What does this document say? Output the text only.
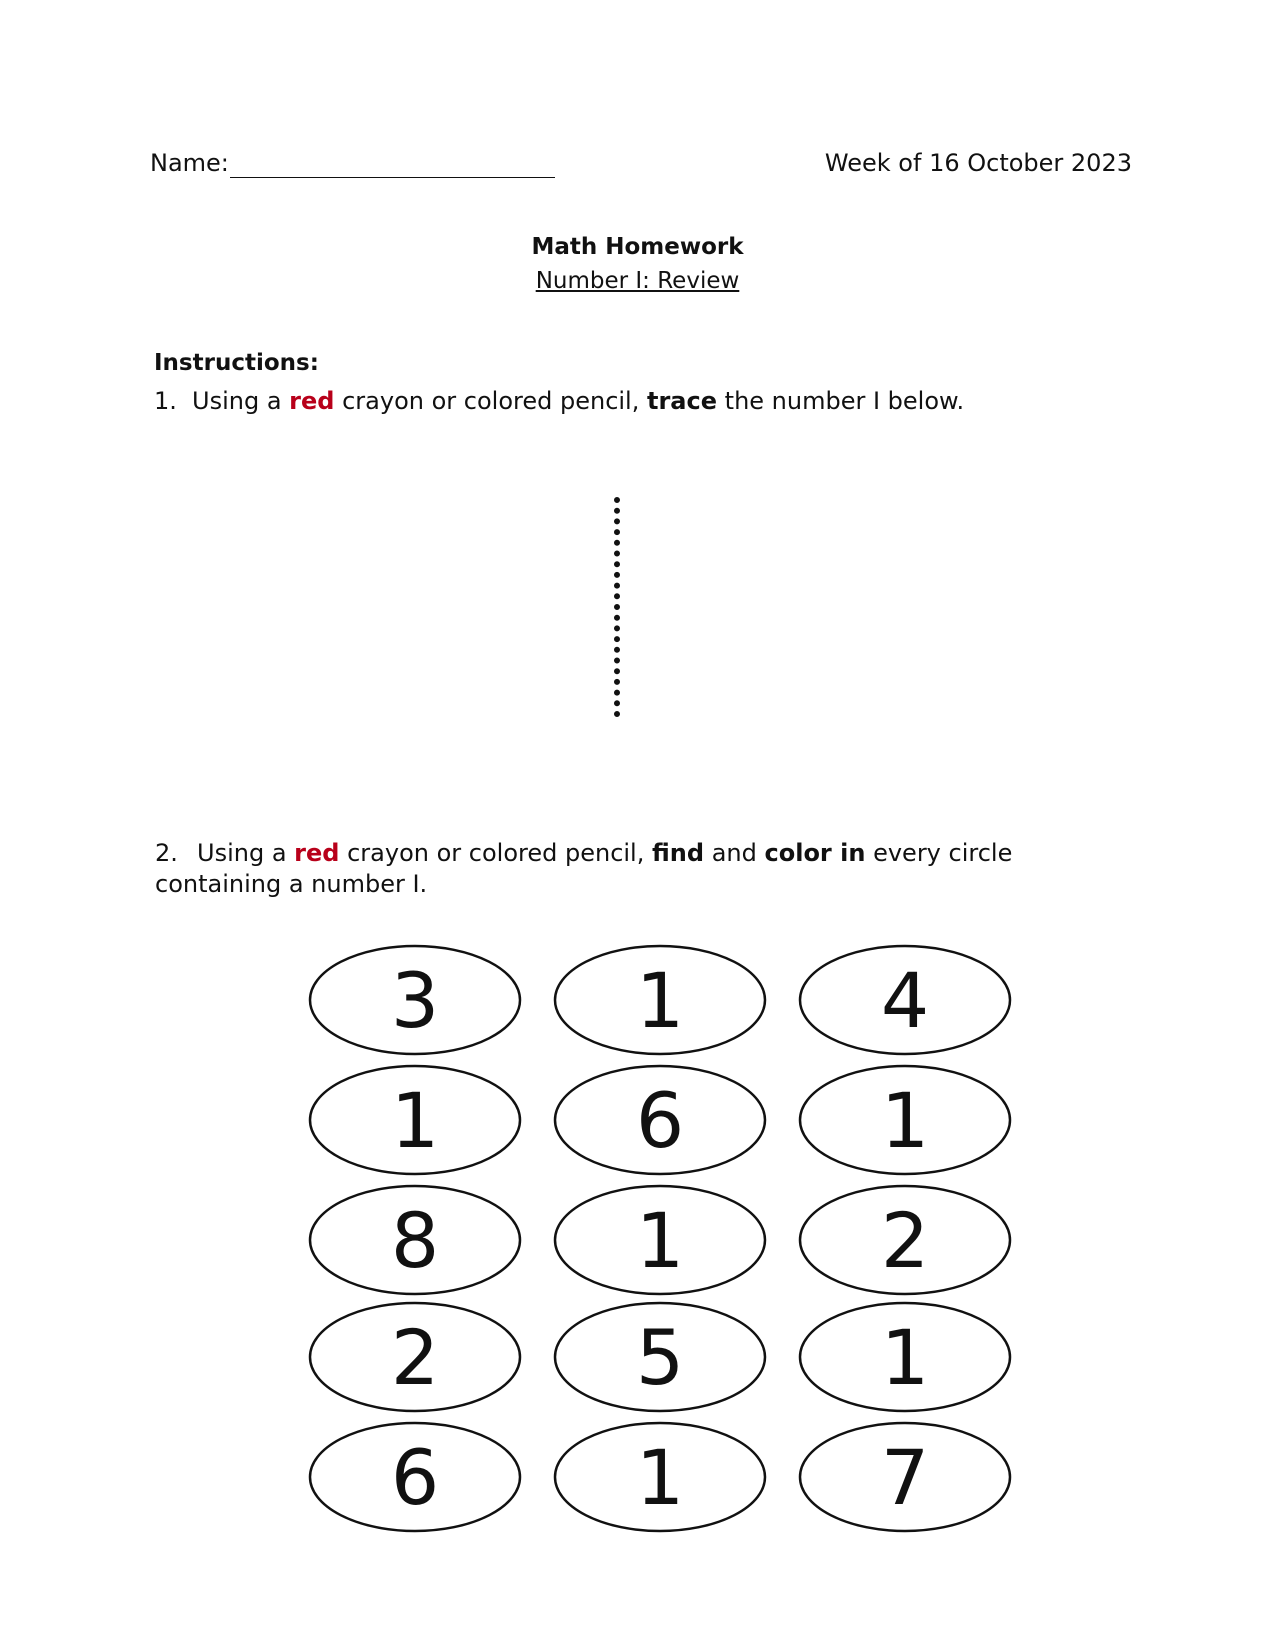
Name:	Week of 16 October 2023
Math Homework
Number I: Review
Instructions:
1. Using a red crayon or colored pencil, trace the number I below.
2. Using a red crayon or colored pencil, find and color in every circle containing a number I.
3	1	4
1	6	1
8	1	2
2	5	1
6	1	7
